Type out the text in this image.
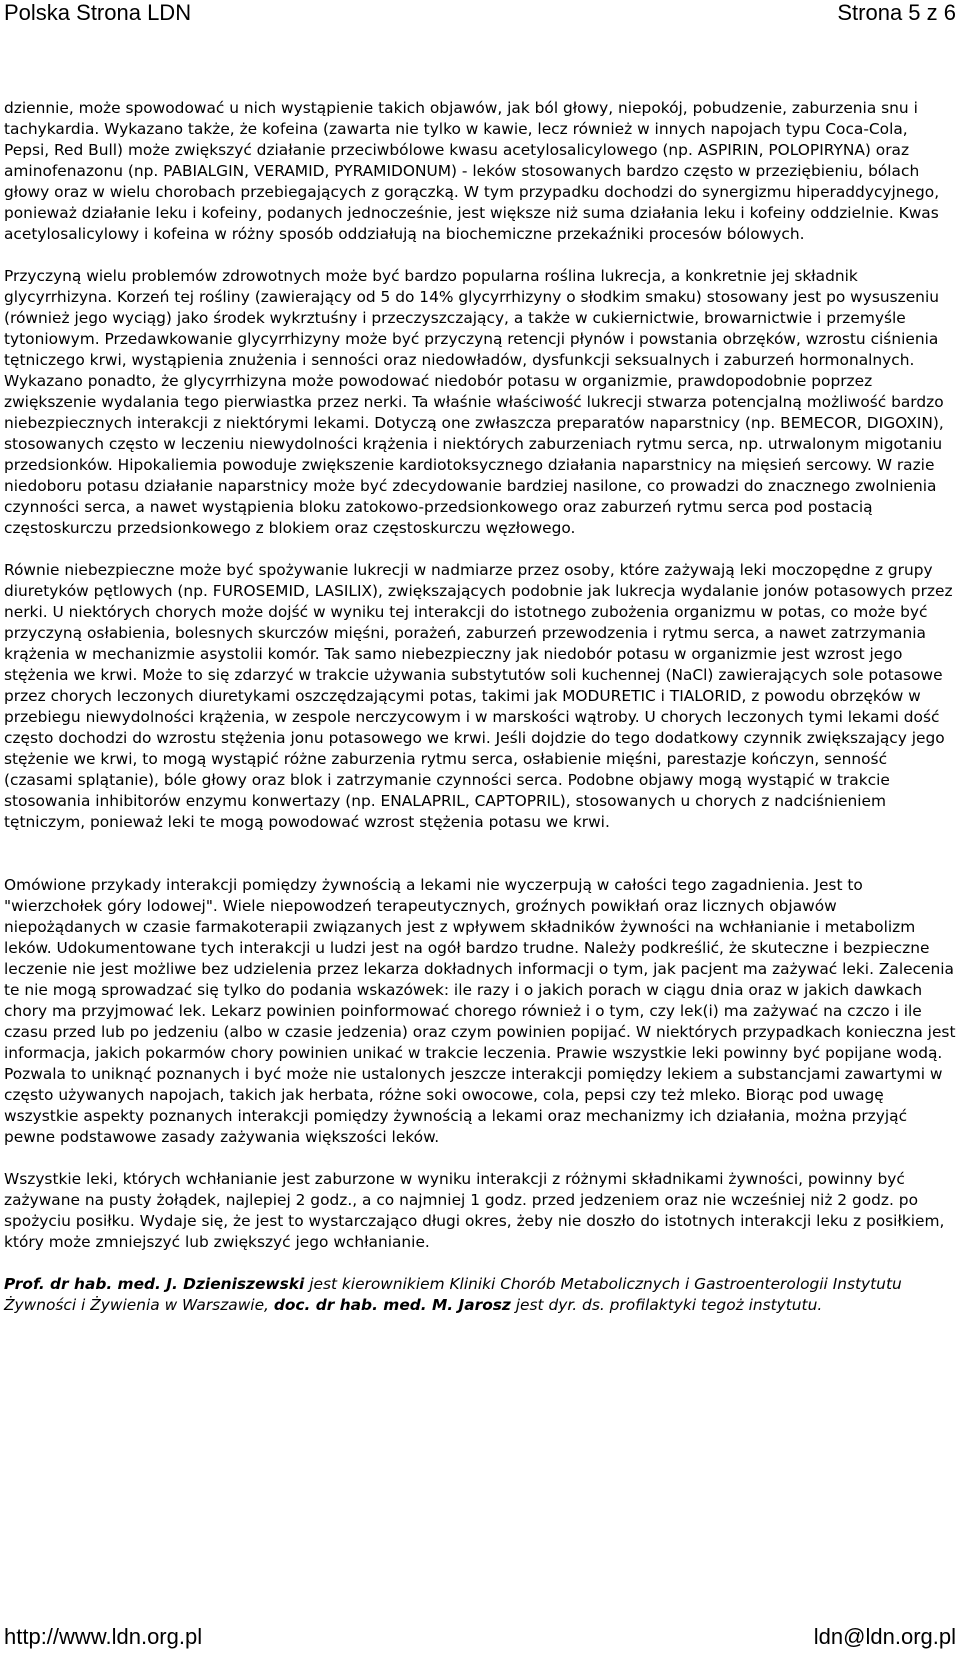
Polska Strona LDN	Strona 5 z 6

dziennie, może spowodować u nich wystąpienie takich objawów, jak ból głowy, niepokój, pobudzenie, zaburzenia snu i tachykardia. Wykazano także, że kofeina (zawarta nie tylko w kawie, lecz również w innych napojach typu Coca-Cola, Pepsi, Red Bull) może zwiększyć działanie przeciwbólowe kwasu acetylosalicylowego (np. ASPIRIN, POLOPIRYNA) oraz aminofenazonu (np. PABIALGIN, VERAMID, PYRAMIDONUM) - leków stosowanych bardzo często w przeziębieniu, bólach głowy oraz w wielu chorobach przebiegających z gorączką. W tym przypadku dochodzi do synergizmu hiperaddycyjnego, ponieważ działanie leku i kofeiny, podanych jednocześnie, jest większe niż suma działania leku i kofeiny oddzielnie. Kwas acetylosalicylowy i kofeina w różny sposób oddziałują na biochemiczne przekaźniki procesów bólowych.

Przyczyną wielu problemów zdrowotnych może być bardzo popularna roślina lukrecja, a konkretnie jej składnik glycyrrhizyna. Korzeń tej rośliny (zawierający od 5 do 14% glycyrrhizyny o słodkim smaku) stosowany jest po wysuszeniu (również jego wyciąg) jako środek wykrztuśny i przeczyszczający, a także w cukiernictwie, browarnictwie i przemyśle tytoniowym. Przedawkowanie glycyrrhizyny może być przyczyną retencji płynów i powstania obrzęków, wzrostu ciśnienia tętniczego krwi, wystąpienia znużenia i senności oraz niedowładów, dysfunkcji seksualnych i zaburzeń hormonalnych. Wykazano ponadto, że glycyrrhizyna może powodować niedobór potasu w organizmie, prawdopodobnie poprzez zwiększenie wydalania tego pierwiastka przez nerki. Ta właśnie właściwość lukrecji stwarza potencjalną możliwość bardzo niebezpiecznych interakcji z niektórymi lekami. Dotyczą one zwłaszcza preparatów naparstnicy (np. BEMECOR, DIGOXIN), stosowanych często w leczeniu niewydolności krążenia i niektórych zaburzeniach rytmu serca, np. utrwalonym migotaniu przedsionków. Hipokaliemia powoduje zwiększenie kardiotoksycznego działania naparstnicy na mięsień sercowy. W razie niedoboru potasu działanie naparstnicy może być zdecydowanie bardziej nasilone, co prowadzi do znacznego zwolnienia czynności serca, a nawet wystąpienia bloku zatokowo-przedsionkowego oraz zaburzeń rytmu serca pod postacią częstoskurczu przedsionkowego z blokiem oraz częstoskurczu węzłowego.

Równie niebezpieczne może być spożywanie lukrecji w nadmiarze przez osoby, które zażywają leki moczopędne z grupy diuretyków pętlowych (np. FUROSEMID, LASILIX), zwiększających podobnie jak lukrecja wydalanie jonów potasowych przez nerki. U niektórych chorych może dojść w wyniku tej interakcji do istotnego zubożenia organizmu w potas, co może być przyczyną osłabienia, bolesnych skurczów mięśni, porażeń, zaburzeń przewodzenia i rytmu serca, a nawet zatrzymania krążenia w mechanizmie asystolii komór. Tak samo niebezpieczny jak niedobór potasu w organizmie jest wzrost jego stężenia we krwi. Może to się zdarzyć w trakcie używania substytutów soli kuchennej (NaCl) zawierających sole potasowe przez chorych leczonych diuretykami oszczędzającymi potas, takimi jak MODURETIC i TIALORID, z powodu obrzęków w przebiegu niewydolności krążenia, w zespole nerczycowym i w marskości wątroby. U chorych leczonych tymi lekami dość często dochodzi do wzrostu stężenia jonu potasowego we krwi. Jeśli dojdzie do tego dodatkowy czynnik zwiększający jego stężenie we krwi, to mogą wystąpić różne zaburzenia rytmu serca, osłabienie mięśni, parestazje kończyn, senność (czasami splątanie), bóle głowy oraz blok i zatrzymanie czynności serca. Podobne objawy mogą wystąpić w trakcie stosowania inhibitorów enzymu konwertazy (np. ENALAPRIL, CAPTOPRIL), stosowanych u chorych z nadciśnieniem tętniczym, ponieważ leki te mogą powodować wzrost stężenia potasu we krwi.

Omówione przykady interakcji pomiędzy żywnością a lekami nie wyczerpują w całości tego zagadnienia. Jest to "wierzchołek góry lodowej". Wiele niepowodzeń terapeutycznych, groźnych powikłań oraz licznych objawów niepożądanych w czasie farmakoterapii związanych jest z wpływem składników żywności na wchłanianie i metabolizm leków. Udokumentowane tych interakcji u ludzi jest na ogół bardzo trudne. Należy podkreślić, że skuteczne i bezpieczne leczenie nie jest możliwe bez udzielenia przez lekarza dokładnych informacji o tym, jak pacjent ma zażywać leki. Zalecenia te nie mogą sprowadzać się tylko do podania wskazówek: ile razy i o jakich porach w ciągu dnia oraz w jakich dawkach chory ma przyjmować lek. Lekarz powinien poinformować chorego również i o tym, czy lek(i) ma zażywać na czczo i ile czasu przed lub po jedzeniu (albo w czasie jedzenia) oraz czym powinien popijać. W niektórych przypadkach konieczna jest informacja, jakich pokarmów chory powinien unikać w trakcie leczenia. Prawie wszystkie leki powinny być popijane wodą. Pozwala to uniknąć poznanych i być może nie ustalonych jeszcze interakcji pomiędzy lekiem a substancjami zawartymi w często używanych napojach, takich jak herbata, różne soki owocowe, cola, pepsi czy też mleko. Biorąc pod uwagę wszystkie aspekty poznanych interakcji pomiędzy żywnością a lekami oraz mechanizmy ich działania, można przyjąć pewne podstawowe zasady zażywania większości leków.

Wszystkie leki, których wchłanianie jest zaburzone w wyniku interakcji z różnymi składnikami żywności, powinny być zażywane na pusty żołądek, najlepiej 2 godz., a co najmniej 1 godz. przed jedzeniem oraz nie wcześniej niż 2 godz. po spożyciu posiłku. Wydaje się, że jest to wystarczająco długi okres, żeby nie doszło do istotnych interakcji leku z posiłkiem, który może zmniejszyć lub zwiększyć jego wchłanianie.

Prof. dr hab. med. J. Dzieniszewski jest kierownikiem Kliniki Chorób Metabolicznych i Gastroenterologii Instytutu Żywności i Żywienia w Warszawie, doc. dr hab. med. M. Jarosz jest dyr. ds. profilaktyki tegoż instytutu.

http://www.ldn.org.pl	ldn@ldn.org.pl
